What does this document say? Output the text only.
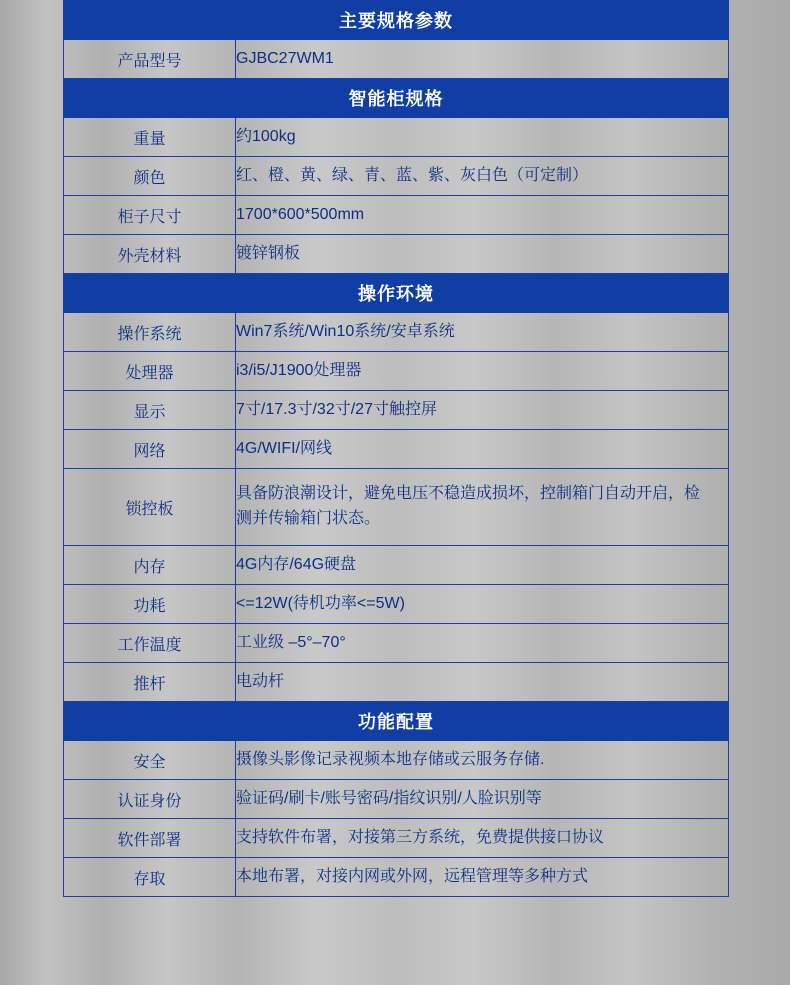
主要规格参数	
产品型号	GJBC27WM1
智能柜规格	
重量	约100kg
颜色	红、橙、黄、绿、青、蓝、紫、灰白色（可定制）
柜子尺寸	1700*600*500mm
外壳材料	镀锌钢板
操作环境	
操作系统	Win7系统/Win10系统/安卓系统
处理器	i3/i5/J1900处理器
显示	7寸/17.3寸/32寸/27寸触控屏
网络	4G/WIFI/网线
锁控板	具备防浪潮设计，避免电压不稳造成损坏，控制箱门自动开启，检测并传输箱门状态。
内存	4G内存/64G硬盘
功耗	<=12W(待机功率<=5W)
工作温度	工业级 –5°–70°
推杆	电动杆
功能配置	
安全	摄像头影像记录视频本地存储或云服务存储.
认证身份	验证码/刷卡/账号密码/指纹识别/人脸识别等
软件部署	支持软件布署，对接第三方系统，免费提供接口协议
存取	本地布署，对接内网或外网，远程管理等多种方式
